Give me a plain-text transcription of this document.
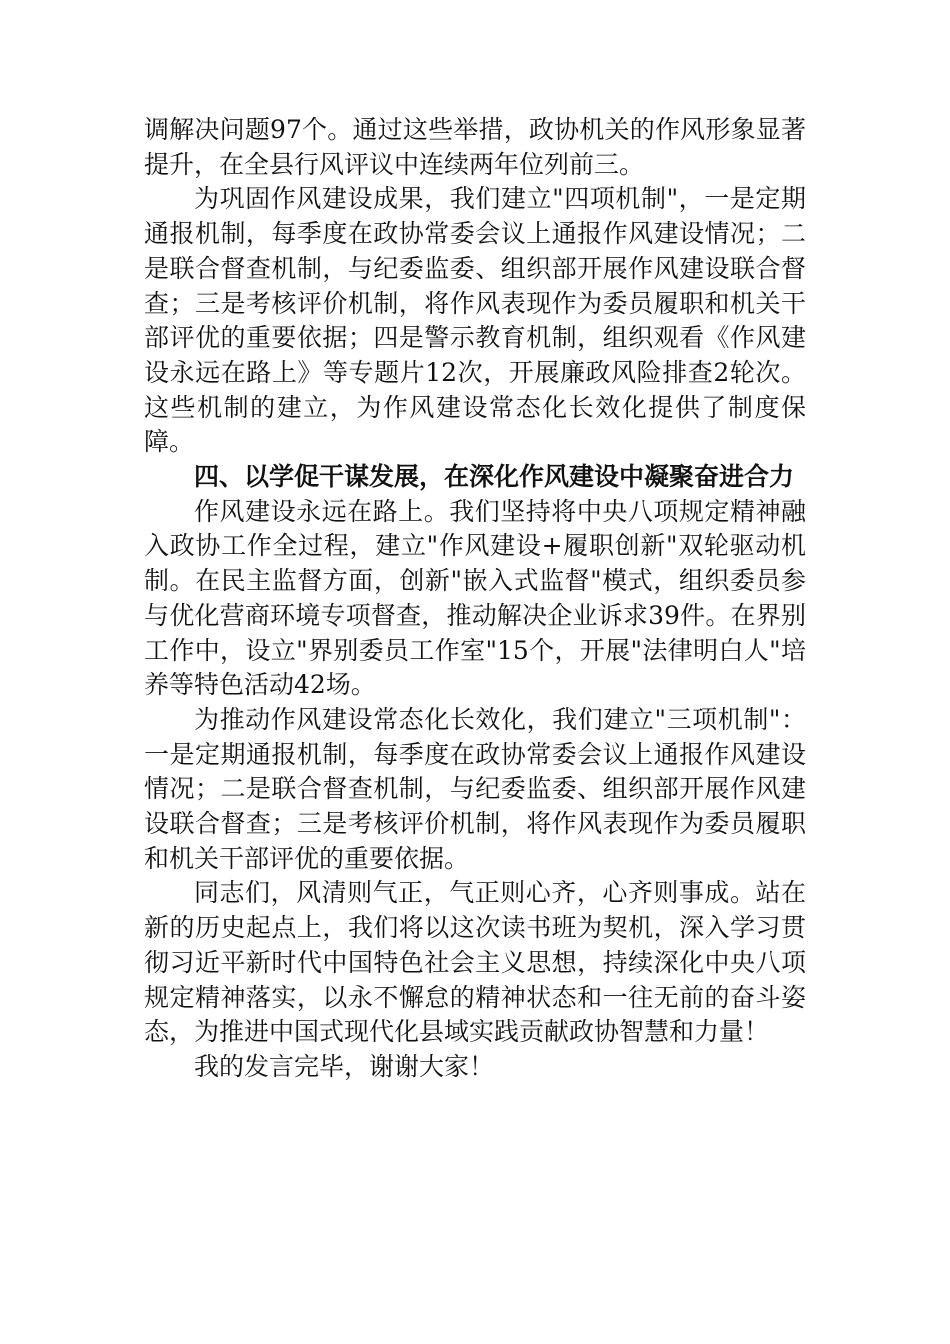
调解决问题97个。通过这些举措，政协机关的作风形象显著提升，在全县行风评议中连续两年位列前三。

为巩固作风建设成果，我们建立"四项机制"，一是定期通报机制，每季度在政协常委会议上通报作风建设情况；二是联合督查机制，与纪委监委、组织部开展作风建设联合督查；三是考核评价机制，将作风表现作为委员履职和机关干部评优的重要依据；四是警示教育机制，组织观看《作风建设永远在路上》等专题片12次，开展廉政风险排查2轮次。这些机制的建立，为作风建设常态化长效化提供了制度保障。

四、以学促干谋发展，在深化作风建设中凝聚奋进合力

作风建设永远在路上。我们坚持将中央八项规定精神融入政协工作全过程，建立"作风建设+履职创新"双轮驱动机制。在民主监督方面，创新"嵌入式监督"模式，组织委员参与优化营商环境专项督查，推动解决企业诉求39件。在界别工作中，设立"界别委员工作室"15个，开展"法律明白人"培养等特色活动42场。

为推动作风建设常态化长效化，我们建立"三项机制"：一是定期通报机制，每季度在政协常委会议上通报作风建设情况；二是联合督查机制，与纪委监委、组织部开展作风建设联合督查；三是考核评价机制，将作风表现作为委员履职和机关干部评优的重要依据。

同志们，风清则气正，气正则心齐，心齐则事成。站在新的历史起点上，我们将以这次读书班为契机，深入学习贯彻习近平新时代中国特色社会主义思想，持续深化中央八项规定精神落实，以永不懈怠的精神状态和一往无前的奋斗姿态，为推进中国式现代化县域实践贡献政协智慧和力量！

我的发言完毕，谢谢大家！
